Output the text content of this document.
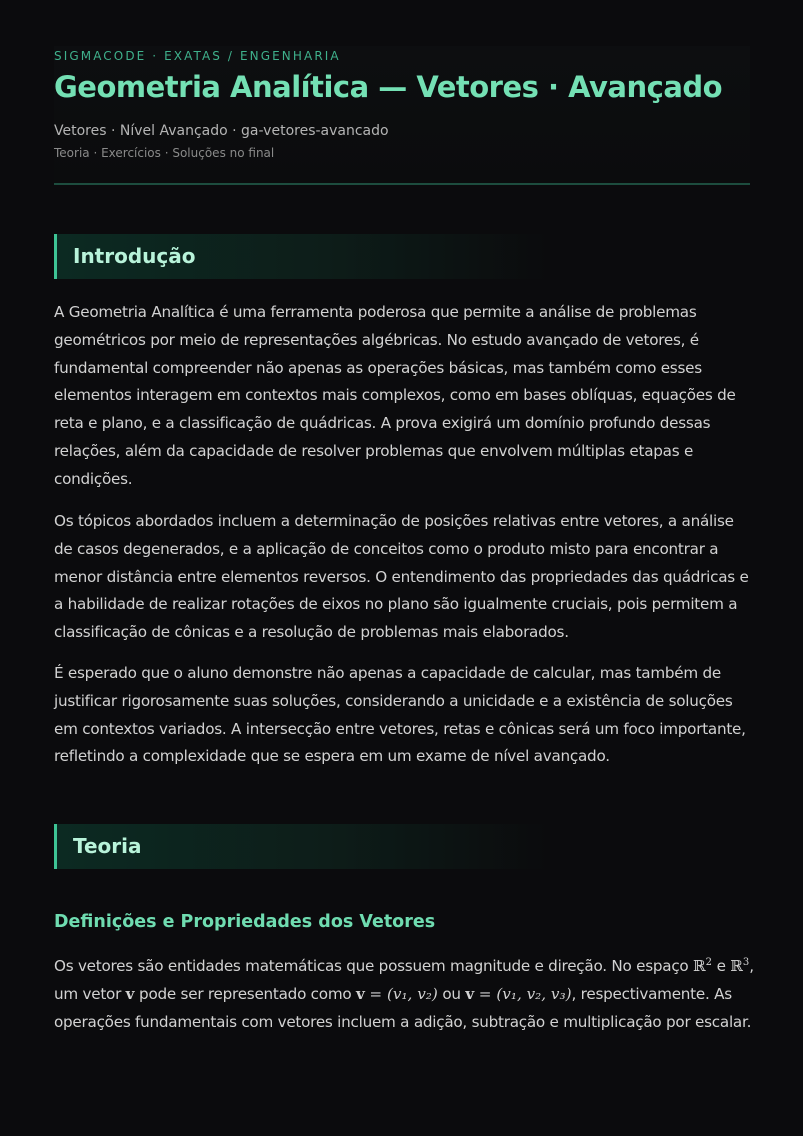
SIGMACODE · EXATAS / ENGENHARIA
Geometria Analítica — Vetores · Avançado
Vetores · Nível Avançado · ga-vetores-avancado
Teoria · Exercícios · Soluções no final
Introdução

A Geometria Analítica é uma ferramenta poderosa que permite a análise de problemas geométricos por meio de representações algébricas. No estudo avançado de vetores, é fundamental compreender não apenas as operações básicas, mas também como esses elementos interagem em contextos mais complexos, como em bases oblíquas, equações de reta e plano, e a classificação de quádricas. A prova exigirá um domínio profundo dessas relações, além da capacidade de resolver problemas que envolvem múltiplas etapas e condições.

Os tópicos abordados incluem a determinação de posições relativas entre vetores, a análise de casos degenerados, e a aplicação de conceitos como o produto misto para encontrar a menor distância entre elementos reversos. O entendimento das propriedades das quádricas e a habilidade de realizar rotações de eixos no plano são igualmente cruciais, pois permitem a classificação de cônicas e a resolução de problemas mais elaborados.

É esperado que o aluno demonstre não apenas a capacidade de calcular, mas também de justificar rigorosamente suas soluções, considerando a unicidade e a existência de soluções em contextos variados. A intersecção entre vetores, retas e cônicas será um foco importante, refletindo a complexidade que se espera em um exame de nível avançado.

Teoria
Definições e Propriedades dos Vetores

Os vetores são entidades matemáticas que possuem magnitude e direção. No espaço ℝ$^2$ e ℝ$^3$, um vetor v pode ser representado como v = (v₁, v₂) ou v = (v₁, v₂, v₃), respectivamente. As operações fundamentais com vetores incluem a adição, subtração e multiplicação por escalar.
